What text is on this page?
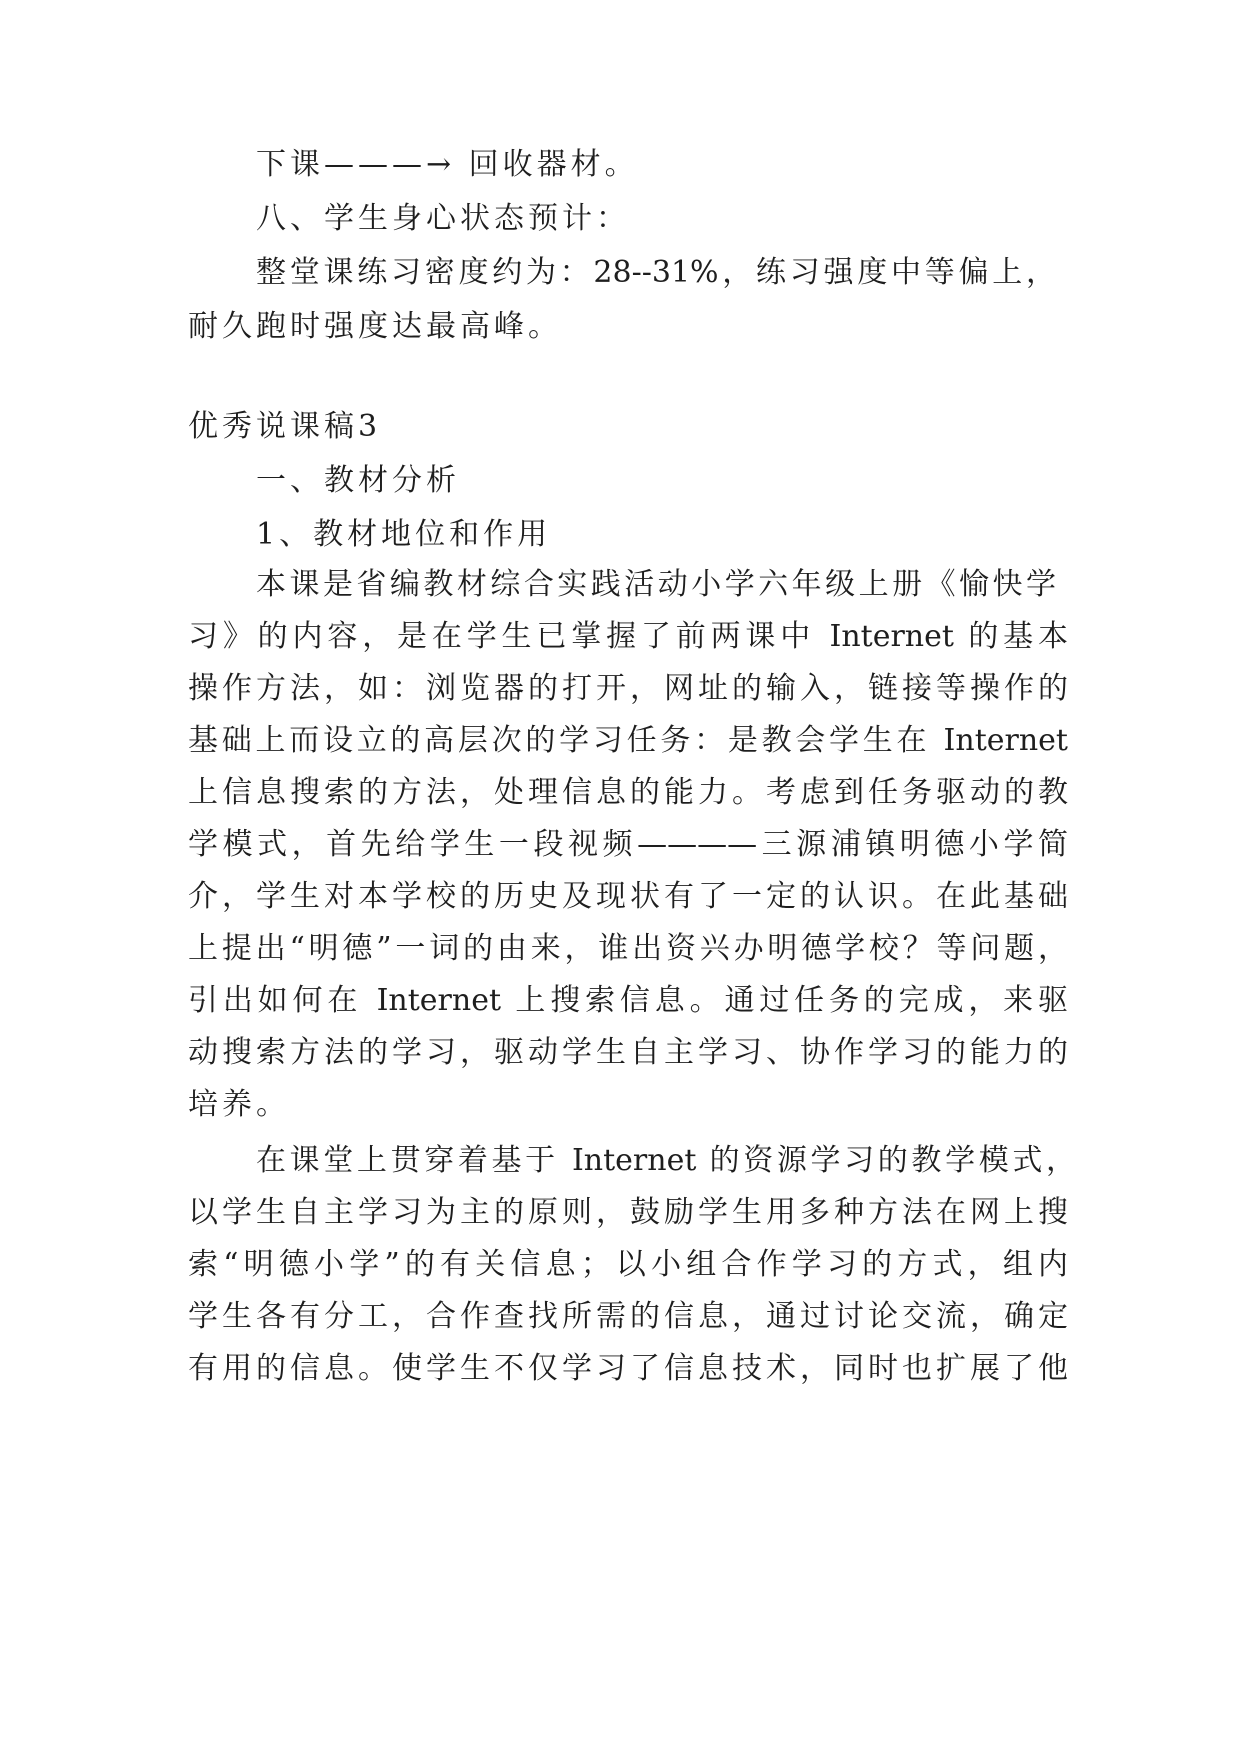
下课———→ 回收器材。

八、学生身心状态预计：

整堂课练习密度约为：28--31%，练习强度中等偏上，

耐久跑时强度达最高峰。

优秀说课稿3

一、教材分析

1、教材地位和作用

本课是省编教材综合实践活动小学六年级上册《愉快学

习》的内容，是在学生已掌握了前两课中 Internet 的基本

操作方法，如：浏览器的打开，网址的输入，链接等操作的

基础上而设立的高层次的学习任务：是教会学生在 Internet

上信息搜索的方法，处理信息的能力。考虑到任务驱动的教

学模式，首先给学生一段视频————三源浦镇明德小学简

介，学生对本学校的历史及现状有了一定的认识。在此基础

上提出“明德”一词的由来，谁出资兴办明德学校？等问题，

引出如何在 Internet 上搜索信息。通过任务的完成，来驱

动搜索方法的学习，驱动学生自主学习、协作学习的能力的

培养。

在课堂上贯穿着基于 Internet 的资源学习的教学模式，

以学生自主学习为主的原则，鼓励学生用多种方法在网上搜

索“明德小学”的有关信息；以小组合作学习的方式，组内

学生各有分工，合作查找所需的信息，通过讨论交流，确定

有用的信息。使学生不仅学习了信息技术，同时也扩展了他
